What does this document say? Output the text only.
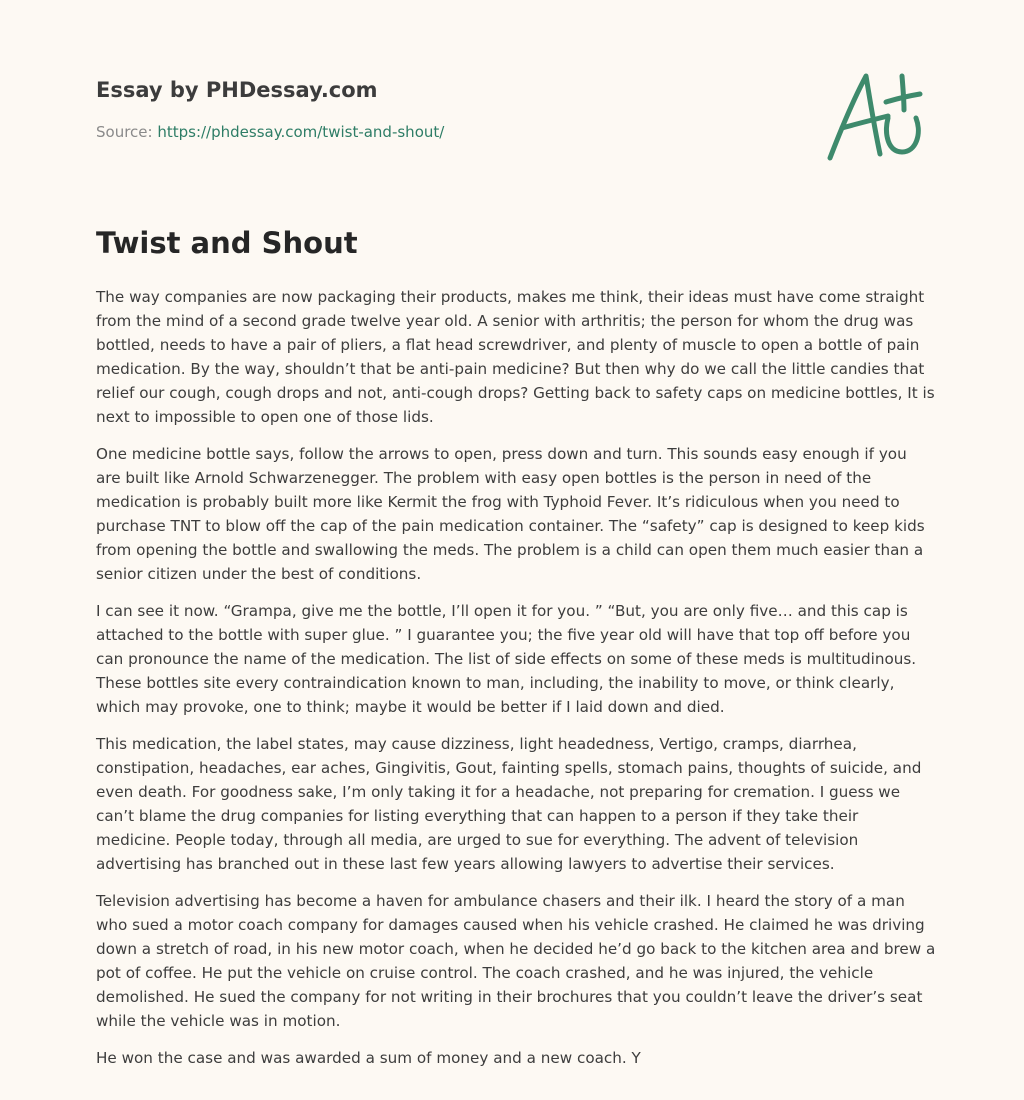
Essay by PHDessay.com
Source: https://phdessay.com/twist-and-shout/
Twist and Shout

The way companies are now packaging their products, makes me think, their ideas must have come straight from the mind of a second grade twelve year old. A senior with arthritis; the person for whom the drug was bottled, needs to have a pair of pliers, a flat head screwdriver, and plenty of muscle to open a bottle of pain medication. By the way, shouldn’t that be anti-pain medicine? But then why do we call the little candies that relief our cough, cough drops and not, anti-cough drops? Getting back to safety caps on medicine bottles, It is next to impossible to open one of those lids.

One medicine bottle says, follow the arrows to open, press down and turn. This sounds easy enough if you are built like Arnold Schwarzenegger. The problem with easy open bottles is the person in need of the medication is probably built more like Kermit the frog with Typhoid Fever. It’s ridiculous when you need to purchase TNT to blow off the cap of the pain medication container. The “safety” cap is designed to keep kids from opening the bottle and swallowing the meds. The problem is a child can open them much easier than a senior citizen under the best of conditions.

I can see it now. “Grampa, give me the bottle, I’ll open it for you. ” “But, you are only five… and this cap is attached to the bottle with super glue. ” I guarantee you; the five year old will have that top off before you can pronounce the name of the medication. The list of side effects on some of these meds is multitudinous. These bottles site every contraindication known to man, including, the inability to move, or think clearly, which may provoke, one to think; maybe it would be better if I laid down and died.

This medication, the label states, may cause dizziness, light headedness, Vertigo, cramps, diarrhea, constipation, headaches, ear aches, Gingivitis, Gout, fainting spells, stomach pains, thoughts of suicide, and even death. For goodness sake, I’m only taking it for a headache, not preparing for cremation. I guess we can’t blame the drug companies for listing everything that can happen to a person if they take their medicine. People today, through all media, are urged to sue for everything. The advent of television advertising has branched out in these last few years allowing lawyers to advertise their services.

Television advertising has become a haven for ambulance chasers and their ilk. I heard the story of a man who sued a motor coach company for damages caused when his vehicle crashed. He claimed he was driving down a stretch of road, in his new motor coach, when he decided he’d go back to the kitchen area and brew a pot of coffee. He put the vehicle on cruise control. The coach crashed, and he was injured, the vehicle demolished. He sued the company for not writing in their brochures that you couldn’t leave the driver’s seat while the vehicle was in motion.

He won the case and was awarded a sum of money and a new coach. Y
